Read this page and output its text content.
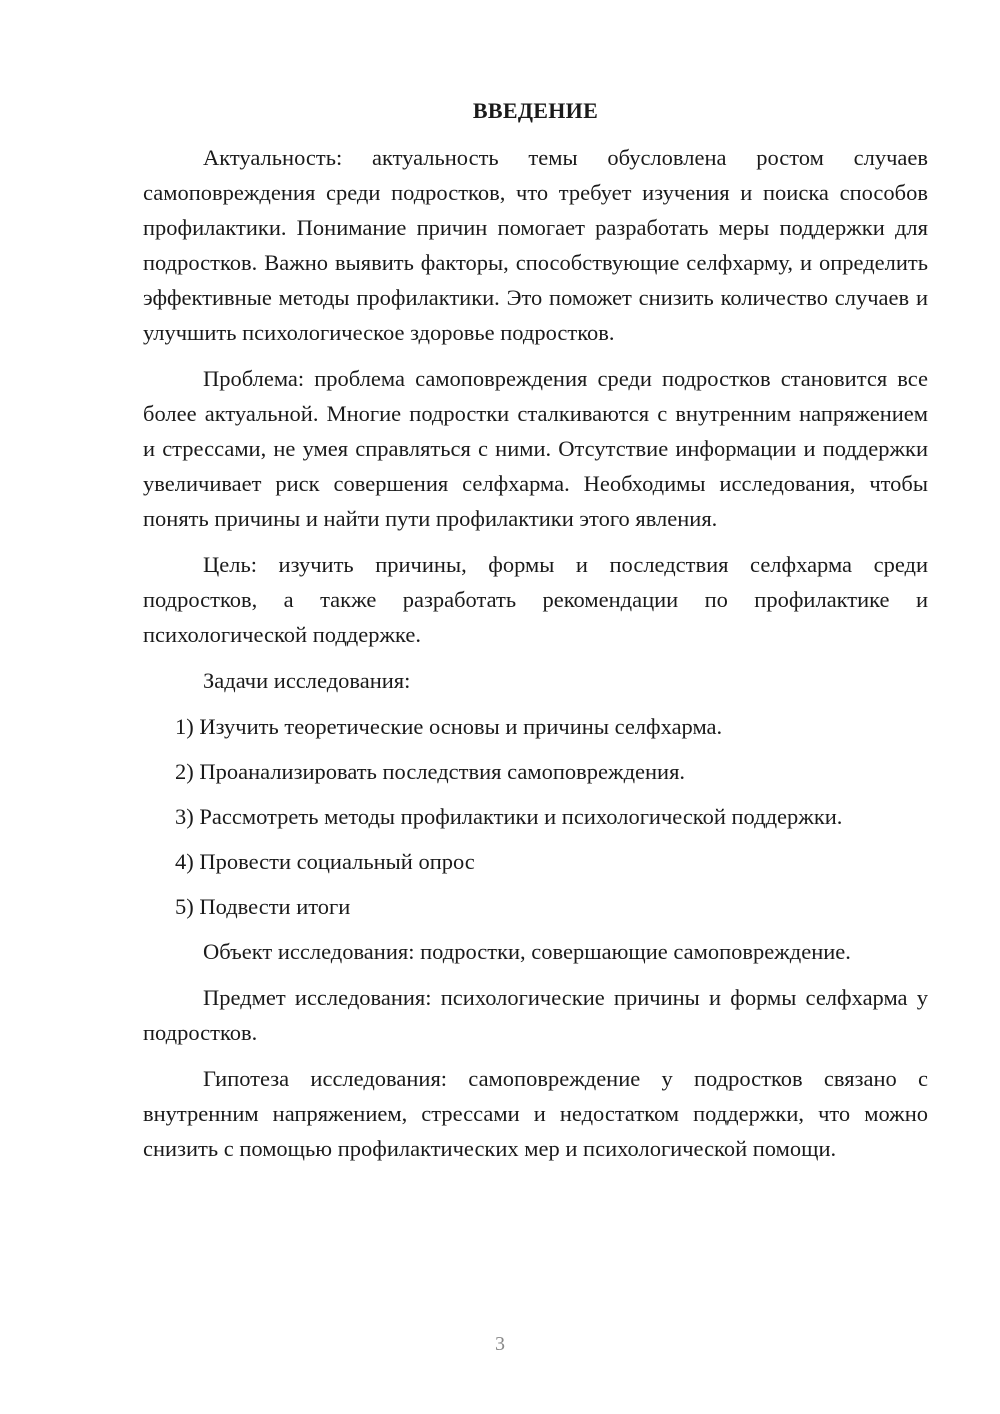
ВВЕДЕНИЕ

Актуальность: актуальность темы обусловлена ростом случаев самоповреждения среди подростков, что требует изучения и поиска способов профилактики. Понимание причин помогает разработать меры поддержки для подростков. Важно выявить факторы, способствующие селфхарму, и определить эффективные методы профилактики. Это поможет снизить количество случаев и улучшить психологическое здоровье подростков.

Проблема: проблема самоповреждения среди подростков становится все более актуальной. Многие подростки сталкиваются с внутренним напряжением и стрессами, не умея справляться с ними. Отсутствие информации и поддержки увеличивает риск совершения селфхарма. Необходимы исследования, чтобы понять причины и найти пути профилактики этого явления.

Цель: изучить причины, формы и последствия селфхарма среди подростков, а также разработать рекомендации по профилактике и психологической поддержке.

Задачи исследования:

1) Изучить теоретические основы и причины селфхарма.

2) Проанализировать последствия самоповреждения.

3) Рассмотреть методы профилактики и психологической поддержки.

4) Провести социальный опрос

5) Подвести итоги

Объект исследования: подростки, совершающие самоповреждение.

Предмет исследования: психологические причины и формы селфхарма у подростков.

Гипотеза исследования: самоповреждение у подростков связано с внутренним напряжением, стрессами и недостатком поддержки, что можно снизить с помощью профилактических мер и психологической помощи.

3
